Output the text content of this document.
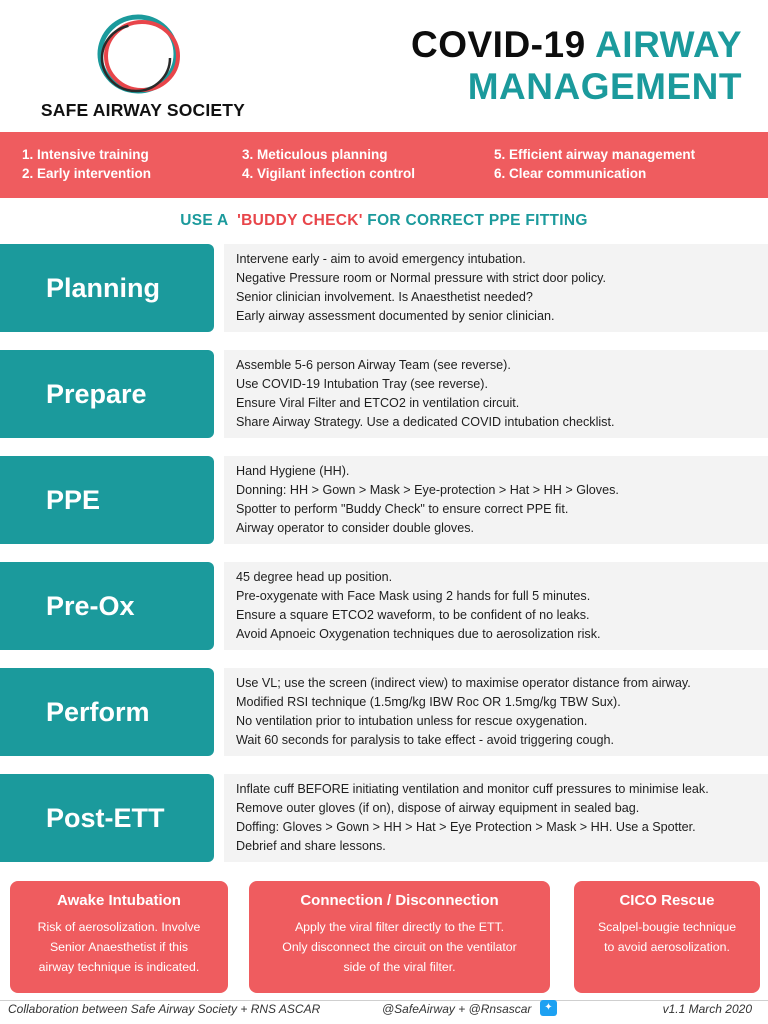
SAFE AIRWAY SOCIETY
COVID-19 AIRWAY
MANAGEMENT
1. Intensive training
2. Early intervention
3. Meticulous planning
4. Vigilant infection control
5. Efficient airway management
6. Clear communication
USE A  'BUDDY CHECK' FOR CORRECT PPE FITTING
Planning
Intervene early - aim to avoid emergency intubation.
Negative Pressure room or Normal pressure with strict door policy.
Senior clinician involvement. Is Anaesthetist needed?
Early airway assessment documented by senior clinician.
Prepare
Assemble 5-6 person Airway Team (see reverse).
Use COVID-19 Intubation Tray (see reverse).
Ensure Viral Filter and ETCO2 in ventilation circuit.
Share Airway Strategy. Use a dedicated COVID intubation checklist.
PPE
Hand Hygiene (HH).
Donning: HH > Gown > Mask > Eye-protection > Hat > HH > Gloves.
Spotter to perform "Buddy Check" to ensure correct PPE fit.
Airway operator to consider double gloves.
Pre-Ox
45 degree head up position.
Pre-oxygenate with Face Mask using 2 hands for full 5 minutes.
Ensure a square ETCO2 waveform, to be confident of no leaks.
Avoid Apnoeic Oxygenation techniques due to aerosolization risk.
Perform
Use VL; use the screen (indirect view) to maximise operator distance from airway.
Modified RSI technique (1.5mg/kg IBW Roc OR 1.5mg/kg TBW Sux).
No ventilation prior to intubation unless for rescue oxygenation.
Wait 60 seconds for paralysis to take effect - avoid triggering cough.
Post-ETT
Inflate cuff BEFORE initiating ventilation and monitor cuff pressures to minimise leak.
Remove outer gloves (if on), dispose of airway equipment in sealed bag.
Doffing: Gloves > Gown > HH > Hat > Eye Protection > Mask > HH. Use a Spotter.
Debrief and share lessons.
Awake Intubation
Risk of aerosolization. Involve
Senior Anaesthetist if this
airway technique is indicated.
Connection / Disconnection
Apply the viral filter directly to the ETT.
Only disconnect the circuit on the ventilator
side of the viral filter.
CICO Rescue
Scalpel-bougie technique
to avoid aerosolization.
Collaboration between Safe Airway Society + RNS ASCAR	@SafeAirway + @Rnsascar	✦	v1.1 March 2020
